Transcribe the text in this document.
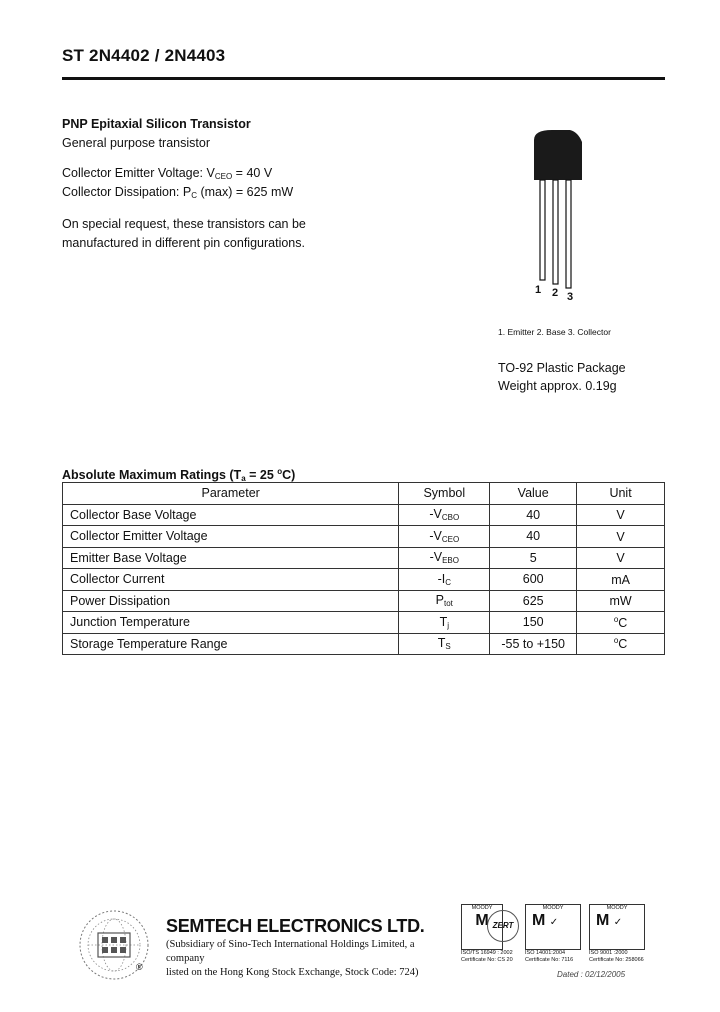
ST 2N4402 / 2N4403
PNP Epitaxial Silicon Transistor
General purpose transistor
Collector Emitter Voltage: $V_{CEO} = 40$ V
Collector Dissipation: $P_C$ (max) = 625 mW
On special request, these transistors can be
manufactured in different pin configurations.
1 2 3
1. Emitter 2. Base 3. Collector
TO-92 Plastic Package
Weight approx. 0.19g
Absolute Maximum Ratings ($T_a = 25$ $^o$C)
Parameter	Symbol	Value	Unit
Collector Base Voltage	$-V_{CBO}$	40	V
Collector Emitter Voltage	$-V_{CEO}$	40	V
Emitter Base Voltage	$-V_{EBO}$	5	V
Collector Current	$-I_C$	600	mA
Power Dissipation	$P_{tot}$	625	mW
Junction Temperature	$T_j$	150	$^o$C
Storage Temperature Range	$T_S$	-55 to +150	$^o$C
®
SEMTECH ELECTRONICS LTD.
(Subsidiary of Sino-Tech International Holdings Limited, a company
listed on the Hong Kong Stock Exchange, Stock Code: 724)
MOODY
M ZERT
ISO/TS 16949 : 2002
Certificate No: CS 20
MOODY
M ✓
ISO 14001:2004
Certificate No: 7116
MOODY
M ✓
ISO 9001 :2000
Certificate No: 258066
Dated : 02/12/2005
